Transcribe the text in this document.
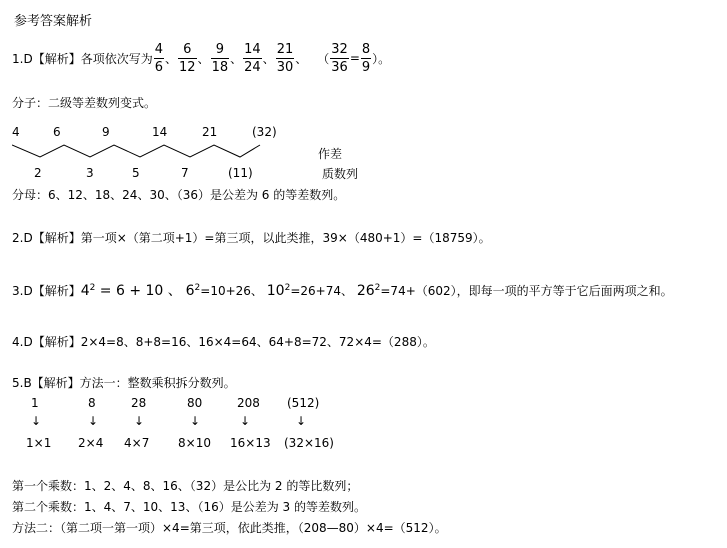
参考答案解析
1.D【解析】各项依次写为 $\frac{4}{6}$ 、 $\frac{6}{12}$ 、 $\frac{9}{18}$ 、 $\frac{14}{24}$ 、 $\frac{21}{30}$ 、 （ $\frac{32}{36} = \frac{8}{9}$ ）。
分子：二级等差数列变式。
4	6	9	14	21	(32)
2	3	5	7	(11)
作差
质数列
分母：6、12、18、24、30、（36）是公差为 6 的等差数列。
2.D【解析】第一项×（第二项+1）=第三项，以此类推，39×（480+1）=（18759）。
3.D【解析】$4^2 = 6 + 10$ 、 $6^2=10+26$、 $10^2=26+74$、 $26^2=74+(602)$，即每一项的平方等于它后面两项之和。
4.D【解析】2×4=8、8+8=16、16×4=64、64+8=72、72×4=（288）。
5.B【解析】方法一：整数乘积拆分数列。
1	8	28	80	208 (512)
↓	↓	↓	↓	↓	↓
1×1 2×4 4×7 8×10 16×13 (32×16)
第一个乘数：1、2、4、8、16、（32）是公比为 2 的等比数列；
第二个乘数：1、4、7、10、13、（16）是公差为 3 的等差数列。
方法二：（第二项一第一项）×4=第三项，依此类推，（208—80）×4=（512）。
